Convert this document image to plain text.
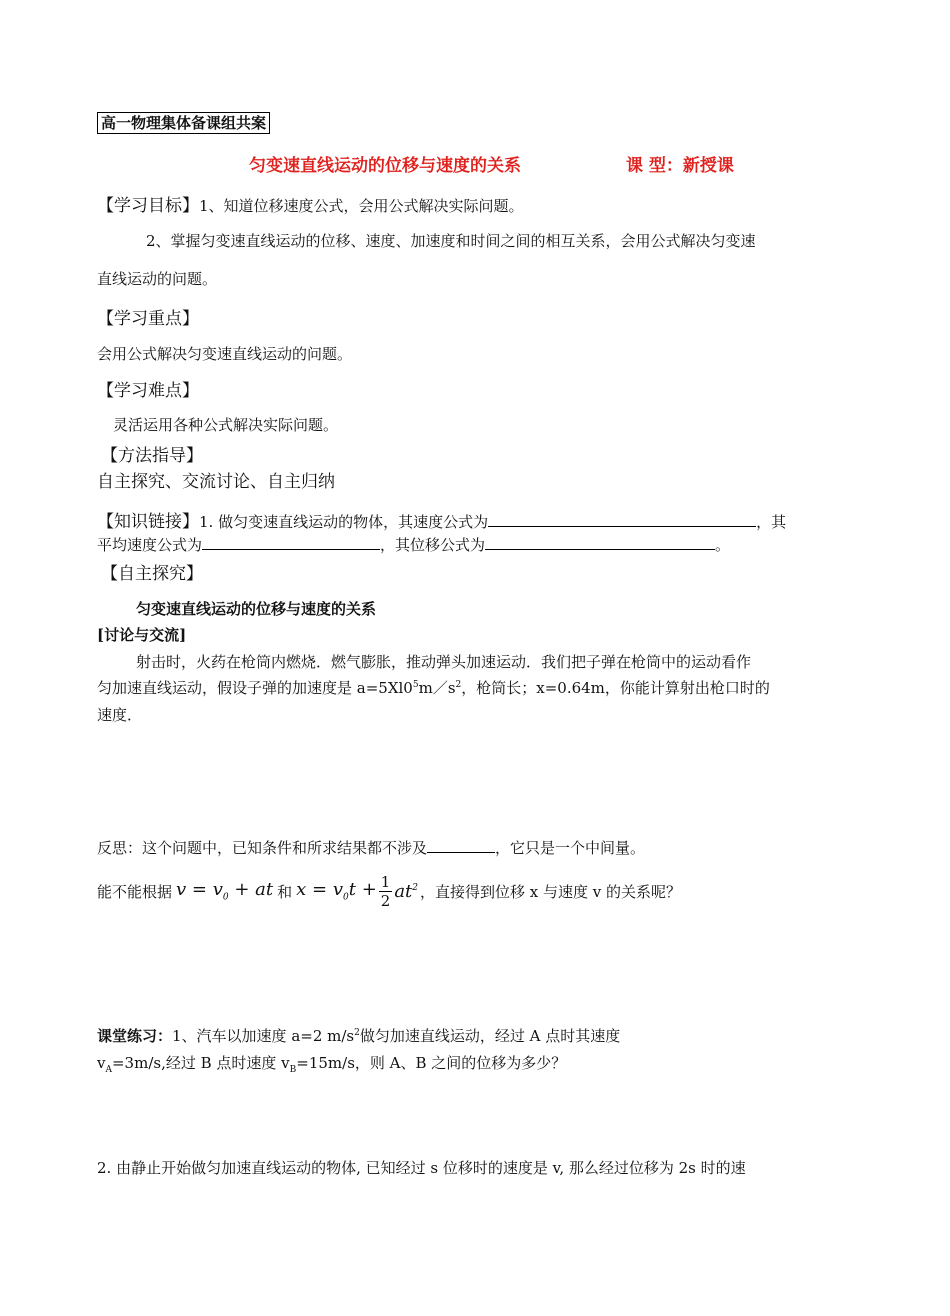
高一物理集体备课组共案
匀变速直线运动的位移与速度的关系	课 型：新授课
【学习目标】1、知道位移速度公式，会用公式解决实际问题。
2、掌握匀变速直线运动的位移、速度、加速度和时间之间的相互关系，会用公式解决匀变速
直线运动的问题。
【学习重点】
会用公式解决匀变速直线运动的问题。
【学习难点】
灵活运用各种公式解决实际问题。
【方法指导】
自主探究、交流讨论、自主归纳
【知识链接】1. 做匀变速直线运动的物体，其速度公式为	，其
平均速度公式为	，其位移公式为	。
【自主探究】
匀变速直线运动的位移与速度的关系
[讨论与交流]
射击时，火药在枪筒内燃烧．燃气膨胀，推动弹头加速运动．我们把子弹在枪筒中的运动看作
匀加速直线运动，假设子弹的加速度是 $a=5Xl0^5m/s^2$，枪筒长；x=0.64m，你能计算射出枪口时的
速度．
反思：这个问题中，已知条件和所求结果都不涉及	，它只是一个中间量。
能不能根据 $v = v_0$ + at 和 $x = v_0t + \frac{1}{2} at^2$ ，直接得到位移 x 与速度 v 的关系呢？
课堂练习：1、汽车以加速度 a=2 $m/s^2$做匀加速直线运动，经过 A 点时其速度
$v_A=3m/s$,经过 B 点时速度 $v_B=15m/s$，则 A、B 之间的位移为多少？
2. 由静止开始做匀加速直线运动的物体, 已知经过 s 位移时的速度是 v, 那么经过位移为 2s 时的速
